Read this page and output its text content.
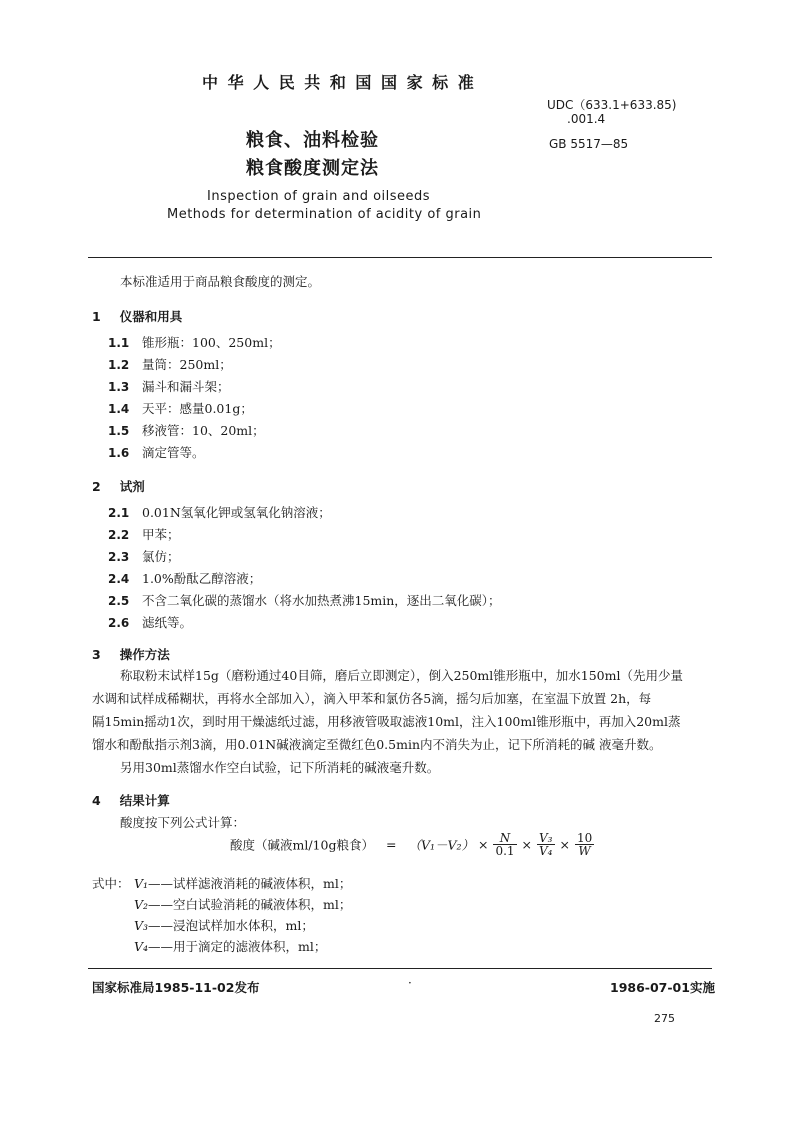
中 华 人 民 共 和 国 国 家 标 准
UDC（633.1+633.85)
.001.4
粮食、油料检验	GB 5517—85
粮食酸度测定法
Inspection of grain and oilseeds
Methods for determination of acidity of grain
本标准适用于商品粮食酸度的测定。
1 仪器和用具
1.1 锥形瓶：100、250ml；
1.2 量筒：250ml；
1.3 漏斗和漏斗架；
1.4 天平：感量0.01g；
1.5 移液管：10、20ml；
1.6 滴定管等。
2 试剂
2.1 0.01N氢氧化钾或氢氧化钠溶液；
2.2 甲苯；
2.3 氯仿；
2.4 1.0%酚酞乙醇溶液；
2.5 不含二氧化碳的蒸馏水（将水加热煮沸15min，逐出二氧化碳）；
2.6 滤纸等。
3 操作方法
称取粉末试样15g（磨粉通过40目筛，磨后立即测定），倒入250ml锥形瓶中，加水150ml（先用少量
水调和试样成稀糊状，再将水全部加入），滴入甲苯和氯仿各5滴，摇匀后加塞，在室温下放置 2h，每
隔15min摇动1次，到时用干燥滤纸过滤，用移液管吸取滤液10ml，注入100ml锥形瓶中，再加入20ml蒸
馏水和酚酞指示剂3滴，用0.01N碱液滴定至微红色0.5min内不消失为止，记下所消耗的碱 液毫升数。
另用30ml蒸馏水作空白试验，记下所消耗的碱液毫升数。
4 结果计算
酸度按下列公式计算：
酸度（碱液ml/10g粮食） = $(V_1-V_2) \times \frac{N}{0.1} \times \frac{\text{V₃}}{\text{V₄}} \times \frac{10}{W}$
式中： V₁——试样滤液消耗的碱液体积，ml；
V₂——空白试验消耗的碱液体积，ml；
V₃——浸泡试样加水体积，ml；
V₄——用于滴定的滤液体积，ml；
国家标准局1985-11-02发布	·	1986-07-01实施
275
